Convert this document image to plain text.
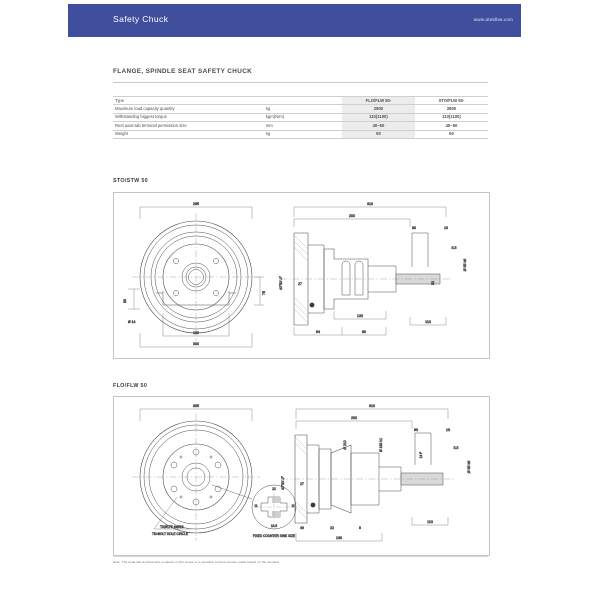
Safety Chuck	www.ateklbw.com
FLANGE, SPINDLE SEAT SAFETY CHUCK
Type		FLO/FLW 50-	STO/FLW 50-
Maximum load capacity quantity	kg	2800	2800
Withstanding biggest torque	kgm(N/m)	110(1100)	110(1100)
Reel axial-tab terminal permission size	mm	40~50	40~50
Weight	kg	50	50
STO/STW 50
295
160
300
75
80
Ø 14
310
200
120
110
94	80
80	10
52
Ø 85 k6
5.5
40°50'-0°	27
FLO/FLW 50
305
TKØ175 4xØ18
TK=BOLT HOLE CIRCLE
22
11	11
10.5
FIXED COUNTER SINK SIZE
310
200
130
110
40	22	8
80	10
5.5
Ø 85 k6
Ø 210	Ø 188 h1
14 P
40°50'-0°	27
Note: The axial-tab terminal size is allows in this scope is to possible to have custom made based on the demand
